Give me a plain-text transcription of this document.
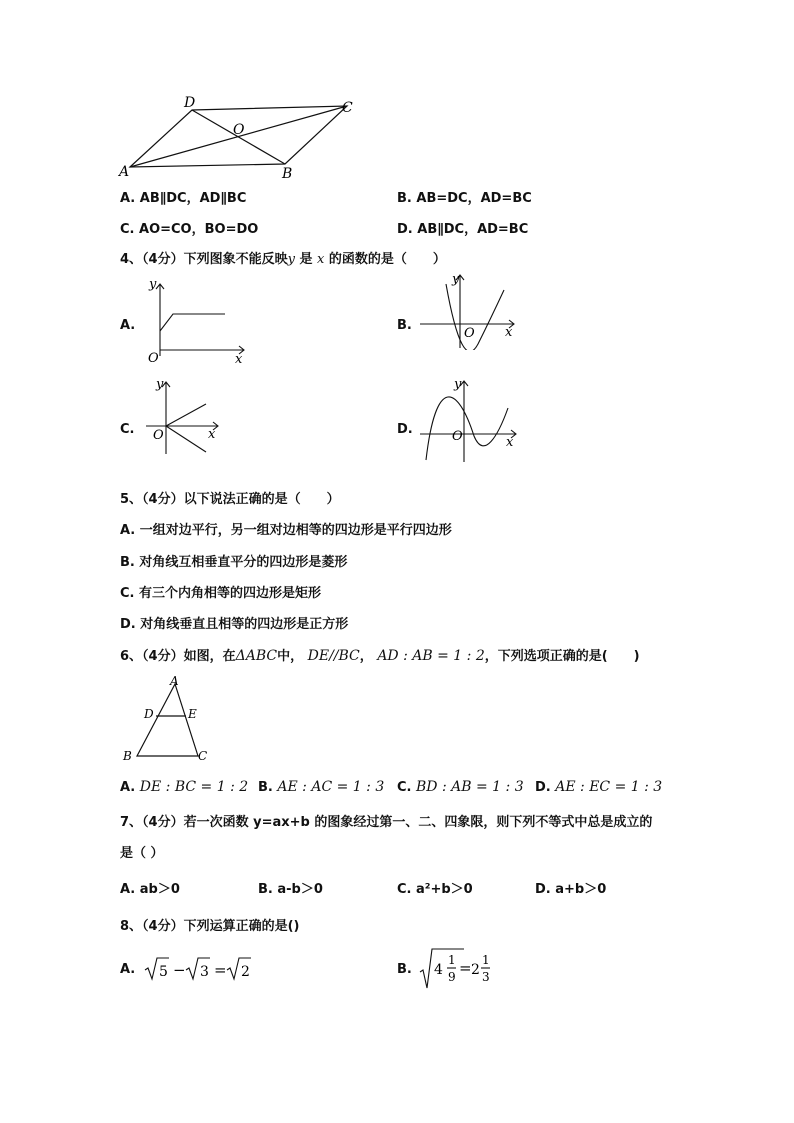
D	C
O
A	B
A. AB∥DC，AD∥BC	B. AB=DC，AD=BC
C. AO=CO，BO=DO	D. AB∥DC，AD=BC
4、（4分）下列图象不能反映y 是 x 的函数的是（　　）
A.
y
x
O
B.
y
x
O
C.
y
x
O	D.
y
x
O
5、（4分）以下说法正确的是（　　）
A. 一组对边平行，另一组对边相等的四边形是平行四边形
B. 对角线互相垂直平分的四边形是菱形
C. 有三个内角相等的四边形是矩形
D. 对角线垂直且相等的四边形是正方形
6、（4分）如图，在ΔABC中， DE//BC， AD : AB = 1 : 2，下列选项正确的是(　　)
A
D	E
B	C
A. DE : BC = 1 : 2 B. AE : AC = 1 : 3 C. BD : AB = 1 : 3 D. AE : EC = 1 : 3
7、（4分）若一次函数 y=ax+b 的图象经过第一、二、四象限，则下列不等式中总是成立的
是（ ）
A. ab＞0	B. a-b＞0	C. a²+b＞0	D. a+b＞0
8、（4分）下列运算正确的是()
A. 5 − 3 = 2	B. 4
1
9 = 2
1
3
